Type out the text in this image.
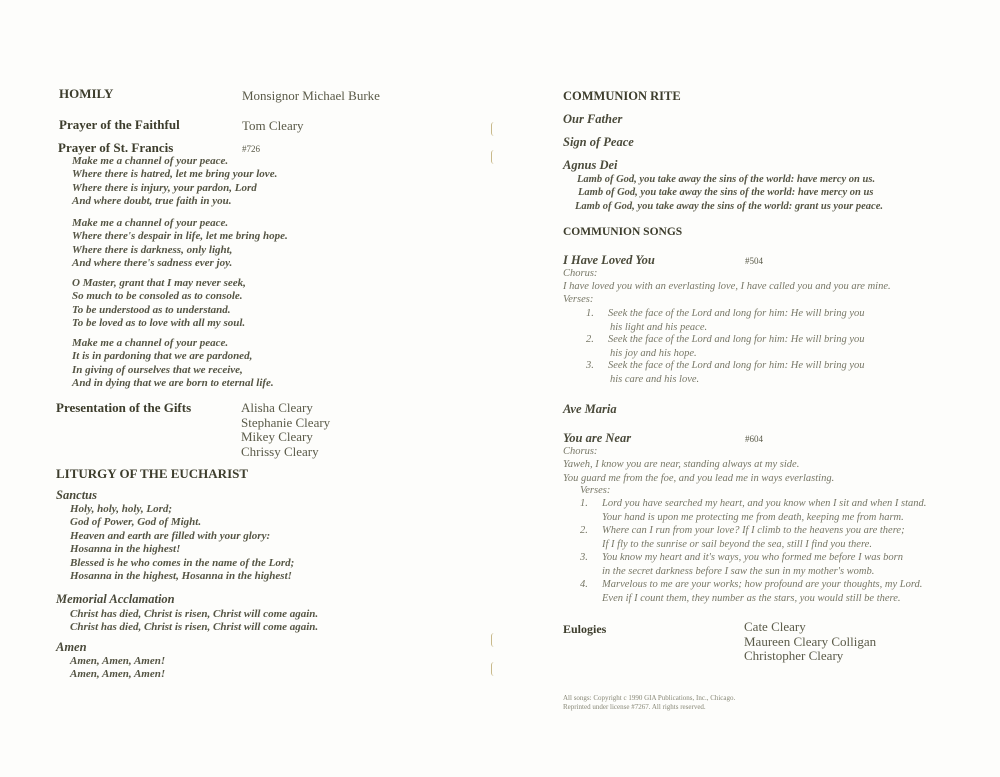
HOMILY	Monsignor Michael Burke
Prayer of the Faithful	Tom Cleary
Prayer of St. Francis	#726
Make me a channel of your peace.
Where there is hatred, let me bring your love.
Where there is injury, your pardon, Lord
And where doubt, true faith in you.
Make me a channel of your peace.
Where there's despair in life, let me bring hope.
Where there is darkness, only light,
And where there's sadness ever joy.
O Master, grant that I may never seek,
So much to be consoled as to console.
To be understood as to understand.
To be loved as to love with all my soul.
Make me a channel of your peace.
It is in pardoning that we are pardoned,
In giving of ourselves that we receive,
And in dying that we are born to eternal life.
Presentation of the Gifts	Alisha Cleary
Stephanie Cleary
Mikey Cleary
Chrissy Cleary
LITURGY OF THE EUCHARIST
Sanctus
Holy, holy, holy, Lord;
God of Power, God of Might.
Heaven and earth are filled with your glory:
Hosanna in the highest!
Blessed is he who comes in the name of the Lord;
Hosanna in the highest, Hosanna in the highest!
Memorial Acclamation
Christ has died, Christ is risen, Christ will come again.
Christ has died, Christ is risen, Christ will come again.
Amen
Amen, Amen, Amen!
Amen, Amen, Amen!
COMMUNION RITE
Our Father
Sign of Peace
Agnus Dei
Lamb of God, you take away the sins of the world: have mercy on us.
Lamb of God, you take away the sins of the world: have mercy on us
Lamb of God, you take away the sins of the world: grant us your peace.
COMMUNION SONGS
I Have Loved You	#504
Chorus:
I have loved you with an everlasting love, I have called you and you are mine.
Verses:
1. Seek the face of the Lord and long for him: He will bring you
his light and his peace.
2. Seek the face of the Lord and long for him: He will bring you
his joy and his hope.
3. Seek the face of the Lord and long for him: He will bring you
his care and his love.
Ave Maria
You are Near	#604
Chorus:
Yaweh, I know you are near, standing always at my side.
You guard me from the foe, and you lead me in ways everlasting.
Verses:
1. Lord you have searched my heart, and you know when I sit and when I stand.
Your hand is upon me protecting me from death, keeping me from harm.
2. Where can I run from your love? If I climb to the heavens you are there;
If I fly to the sunrise or sail beyond the sea, still I find you there.
3. You know my heart and it's ways, you who formed me before I was born
in the secret darkness before I saw the sun in my mother's womb.
4. Marvelous to me are your works; how profound are your thoughts, my Lord.
Even if I count them, they number as the stars, you would still be there.
Eulogies	Cate Cleary
Maureen Cleary Colligan
Christopher Cleary
All songs: Copyright c 1990 GIA Publications, Inc., Chicago.
Reprinted under license #7267. All rights reserved.
